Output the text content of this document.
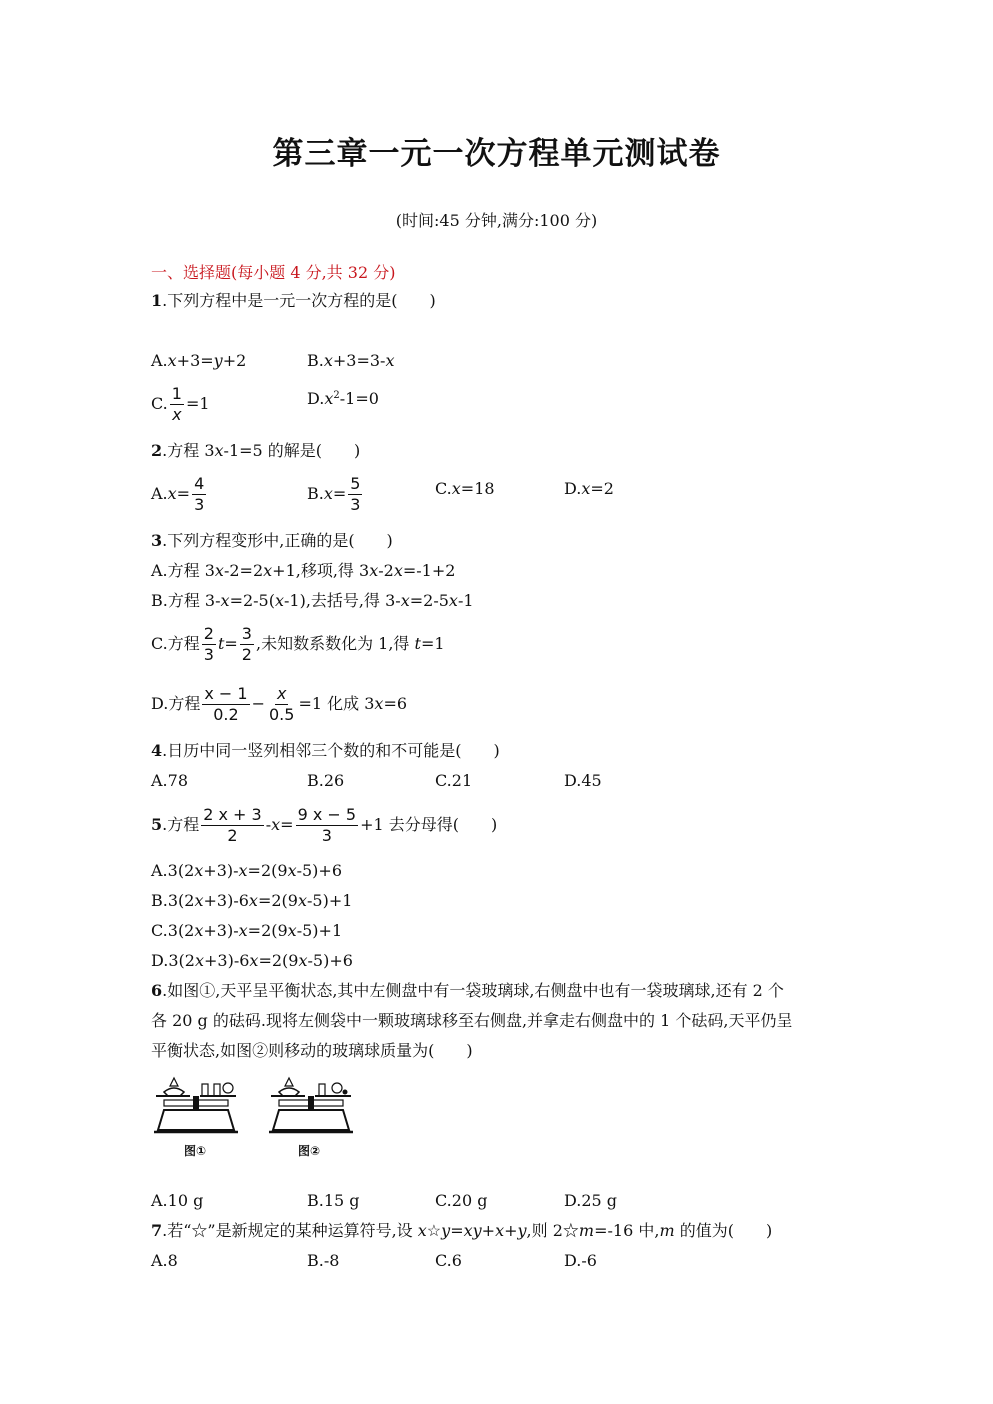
第三章一元一次方程单元测试卷
(时间:45 分钟,满分:100 分)
一、选择题(每小题 4 分,共 32 分)
1.下列方程中是一元一次方程的是(　　)
A.x+3=y+2	B.x+3=3-x
C. $\frac{1}{x} =1$	$D.x^2-1=0$
2.方程 3x-1=5 的解是(　　)
$A.x= \frac{4}{3}$	$B.x= \frac{5}{3}$	C.x=18	D.x=2
3.下列方程变形中,正确的是(　　)
A.方程 3x-2=2x+1,移项,得 3x-2x=-1+2
B.方程 3-x=2-5(x-1),去括号,得 3-x=2-5x-1
C.方程 $\frac{2}{3} t= \frac{3}{2}$ ,未知数系数化为 1,得 t=1
D.方程 $\frac{x - 1}{0.2} - \frac{x}{0.5} =1$ 化成 3x=6
4.日历中同一竖列相邻三个数的和不可能是(　　)
A.78	B.26	C.21	D.45
5.方程 $\frac{2 x + 3}{2} -x= \frac{9 x - 5}{3} +1$ 去分母得(　　)
A.3(2x+3)-x=2(9x-5)+6
B.3(2x+3)-6x=2(9x-5)+1
C.3(2x+3)-x=2(9x-5)+1
D.3(2x+3)-6x=2(9x-5)+6
6.如图①,天平呈平衡状态,其中左侧盘中有一袋玻璃球,右侧盘中也有一袋玻璃球,还有 2 个
各 20 g 的砝码.现将左侧袋中一颗玻璃球移至右侧盘,并拿走右侧盘中的 1 个砝码,天平仍呈
平衡状态,如图②则移动的玻璃球质量为(　　)
图①	图②
A.10 g	B.15 g	C.20 g	D.25 g
7.若“☆”是新规定的某种运算符号,设 x☆y=xy+x+y,则 2☆m=-16 中,m 的值为(　　)
A.8	B.-8	C.6	D.-6
